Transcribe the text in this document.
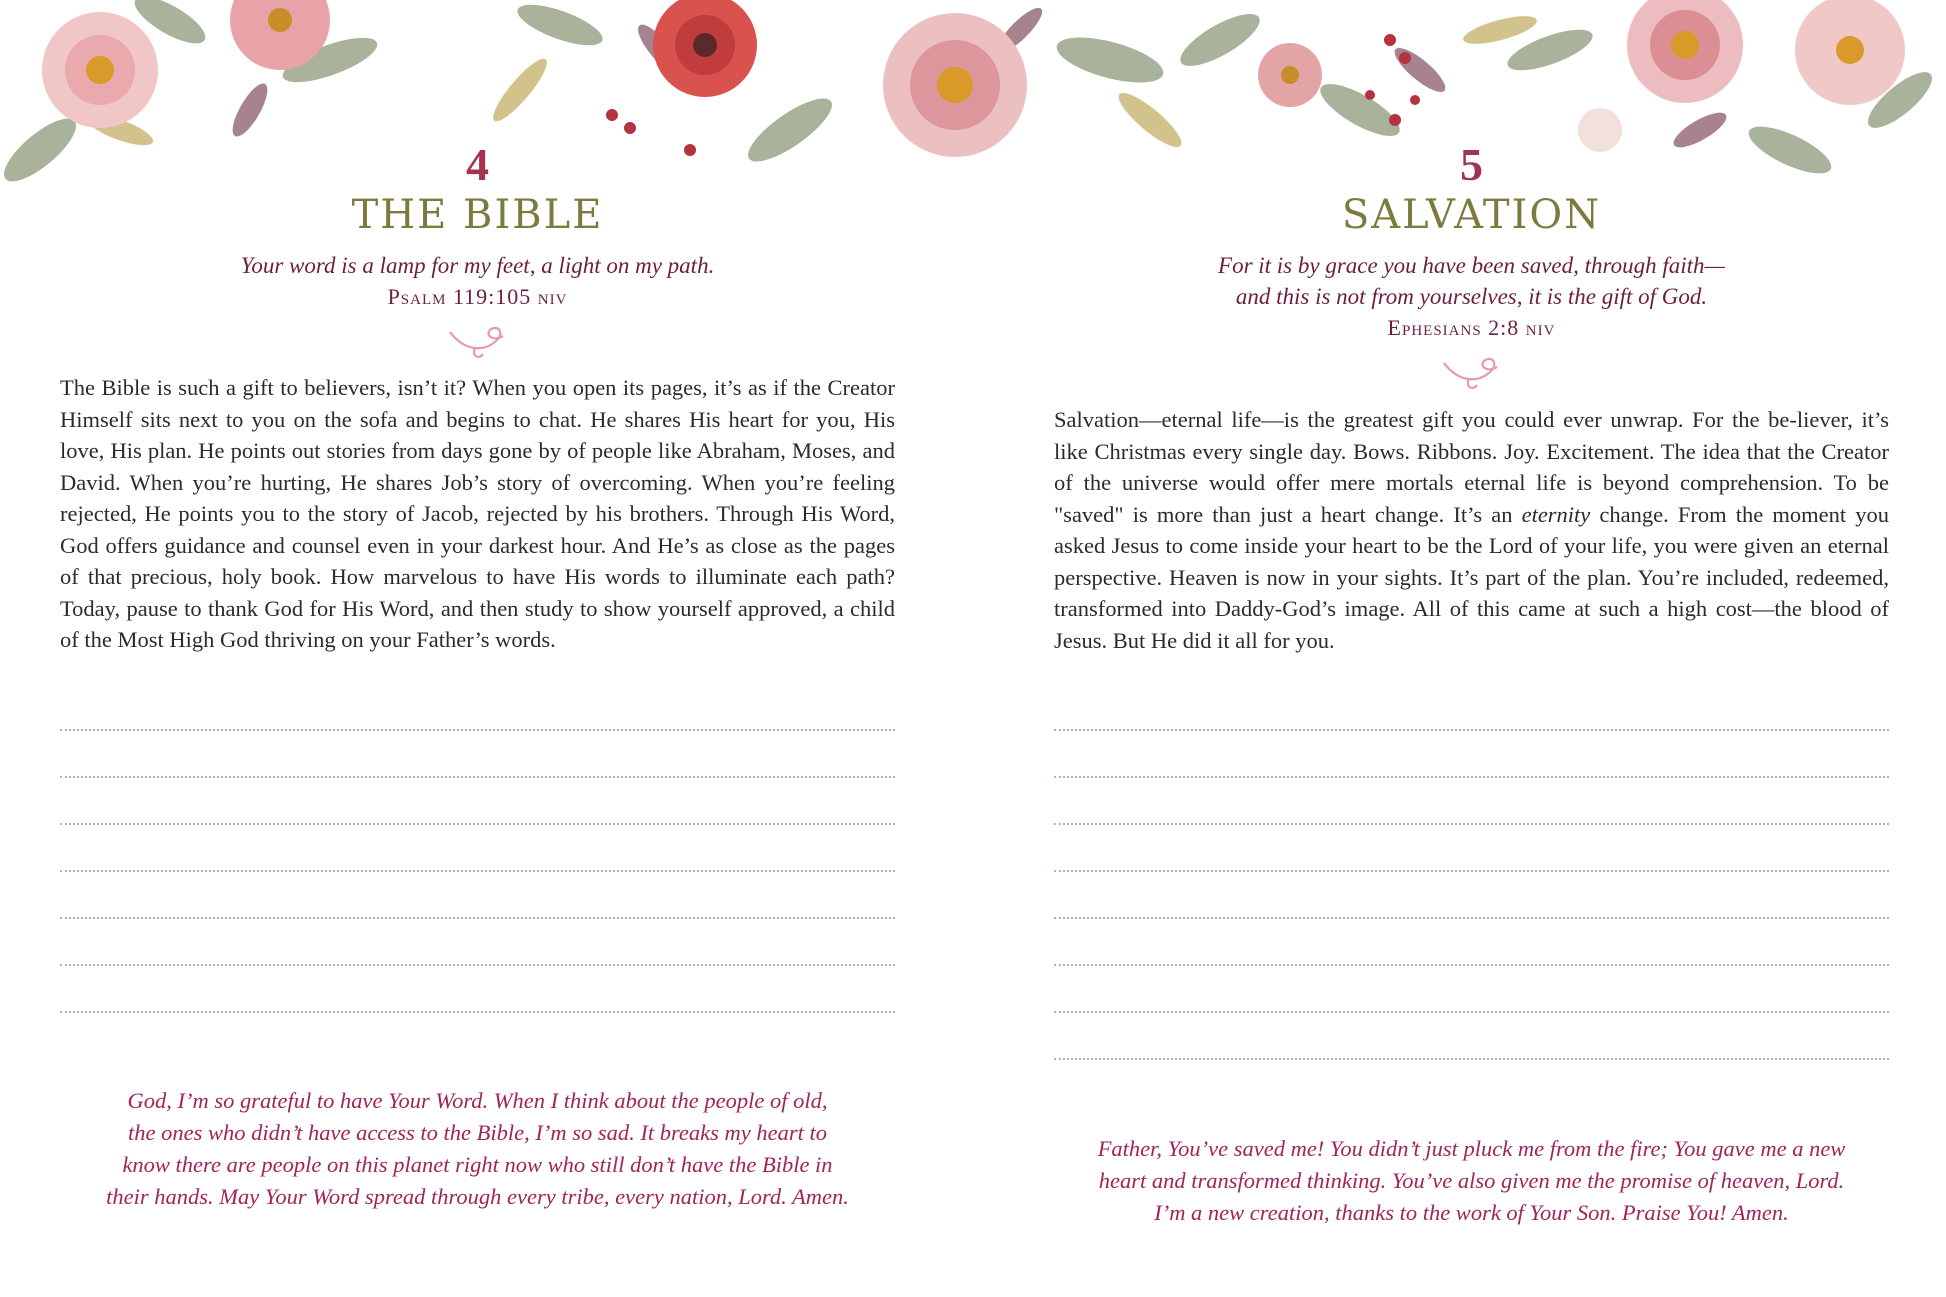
4
THE BIBLE
Your word is a lamp for my feet, a light on my path.
Psalm 119:105 niv
The Bible is such a gift to believers, isn’t it? When you open its pages, it’s as if the Creator Himself sits next to you on the sofa and begins to chat. He shares His heart for you, His love, His plan. He points out stories from days gone by of people like Abraham, Moses, and David. When you’re hurting, He shares Job’s story of overcoming. When you’re feeling rejected, He points you to the story of Jacob, rejected by his brothers. Through His Word, God offers guidance and counsel even in your darkest hour. And He’s as close as the pages of that precious, holy book. How marvelous to have His words to illuminate each path? Today, pause to thank God for His Word, and then study to show yourself approved, a child of the Most High God thriving on your Father’s words.
God, I’m so grateful to have Your Word. When I think about the people of old,
the ones who didn’t have access to the Bible, I’m so sad. It breaks my heart to
know there are people on this planet right now who still don’t have the Bible in
their hands. May Your Word spread through every tribe, every nation, Lord. Amen.
5
SALVATION
For it is by grace you have been saved, through faith—
and this is not from yourselves, it is the gift of God.
Ephesians 2:8 niv
Salvation—eternal life—is the greatest gift you could ever unwrap. For the be-liever, it’s like Christmas every single day. Bows. Ribbons. Joy. Excitement. The idea that the Creator of the universe would offer mere mortals eternal life is beyond comprehension. To be "saved" is more than just a heart change. It’s an eternity change. From the moment you asked Jesus to come inside your heart to be the Lord of your life, you were given an eternal perspective. Heaven is now in your sights. It’s part of the plan. You’re included, redeemed, transformed into Daddy-God’s image. All of this came at such a high cost—the blood of Jesus. But He did it all for you.
Father, You’ve saved me! You didn’t just pluck me from the fire; You gave me a new
heart and transformed thinking. You’ve also given me the promise of heaven, Lord.
I’m a new creation, thanks to the work of Your Son. Praise You! Amen.
